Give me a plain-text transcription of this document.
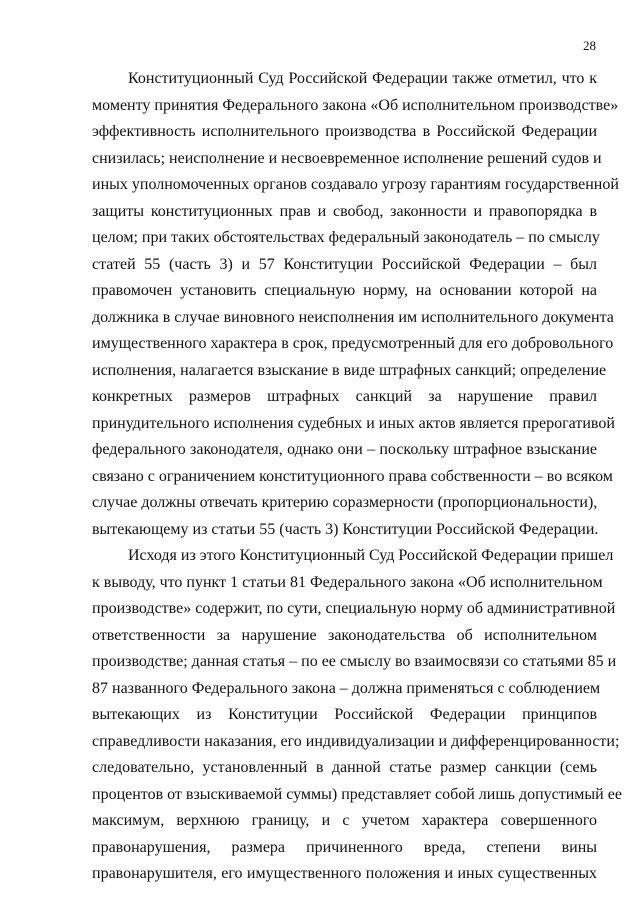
28
Конституционный Суд Российской Федерации также отметил, что к
моменту принятия Федерального закона «Об исполнительном производстве»
эффективность исполнительного производства в Российской Федерации
снизилась; неисполнение и несвоевременное исполнение решений судов и
иных уполномоченных органов создавало угрозу гарантиям государственной
защиты конституционных прав и свобод, законности и правопорядка в
целом; при таких обстоятельствах федеральный законодатель – по смыслу
статей 55 (часть 3) и 57 Конституции Российской Федерации – был
правомочен установить специальную норму, на основании которой на
должника в случае виновного неисполнения им исполнительного документа
имущественного характера в срок, предусмотренный для его добровольного
исполнения, налагается взыскание в виде штрафных санкций; определение
конкретных размеров штрафных санкций за нарушение правил
принудительного исполнения судебных и иных актов является прерогативой
федерального законодателя, однако они – поскольку штрафное взыскание
связано с ограничением конституционного права собственности – во всяком
случае должны отвечать критерию соразмерности (пропорциональности),
вытекающему из статьи 55 (часть 3) Конституции Российской Федерации.
Исходя из этого Конституционный Суд Российской Федерации пришел
к выводу, что пункт 1 статьи 81 Федерального закона «Об исполнительном
производстве» содержит, по сути, специальную норму об административной
ответственности за нарушение законодательства об исполнительном
производстве; данная статья – по ее смыслу во взаимосвязи со статьями 85 и
87 названного Федерального закона – должна применяться с соблюдением
вытекающих из Конституции Российской Федерации принципов
справедливости наказания, его индивидуализации и дифференцированности;
следовательно, установленный в данной статье размер санкции (семь
процентов от взыскиваемой суммы) представляет собой лишь допустимый ее
максимум, верхнюю границу, и с учетом характера совершенного
правонарушения, размера причиненного вреда, степени вины
правонарушителя, его имущественного положения и иных существенных
